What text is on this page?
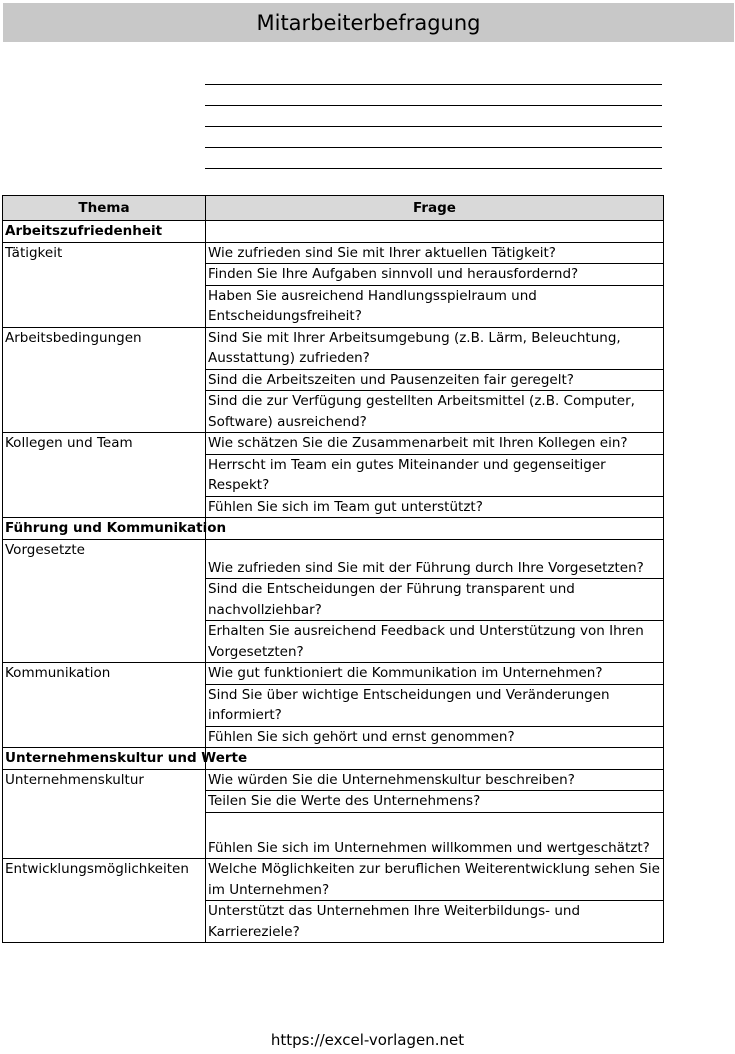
Mitarbeiterbefragung
Thema	Frage
Arbeitszufriedenheit	
Tätigkeit	Wie zufrieden sind Sie mit Ihrer aktuellen Tätigkeit?
	Finden Sie Ihre Aufgaben sinnvoll und herausfordernd?
	Haben Sie ausreichend Handlungsspielraum und Entscheidungsfreiheit?
Arbeitsbedingungen	Sind Sie mit Ihrer Arbeitsumgebung (z.B. Lärm, Beleuchtung, Ausstattung) zufrieden?
	Sind die Arbeitszeiten und Pausenzeiten fair geregelt?
	Sind die zur Verfügung gestellten Arbeitsmittel (z.B. Computer, Software) ausreichend?
Kollegen und Team	Wie schätzen Sie die Zusammenarbeit mit Ihren Kollegen ein?
	Herrscht im Team ein gutes Miteinander und gegenseitiger Respekt?
	Fühlen Sie sich im Team gut unterstützt?
Führung und Kommunikation	
Vorgesetzte	Wie zufrieden sind Sie mit der Führung durch Ihre Vorgesetzten?
	Sind die Entscheidungen der Führung transparent und nachvollziehbar?
	Erhalten Sie ausreichend Feedback und Unterstützung von Ihren Vorgesetzten?
Kommunikation	Wie gut funktioniert die Kommunikation im Unternehmen?
	Sind Sie über wichtige Entscheidungen und Veränderungen informiert?
	Fühlen Sie sich gehört und ernst genommen?
Unternehmenskultur und Werte	
Unternehmenskultur	Wie würden Sie die Unternehmenskultur beschreiben?
	Teilen Sie die Werte des Unternehmens?
	Fühlen Sie sich im Unternehmen willkommen und wertgeschätzt?
Entwicklungsmöglichkeiten	Welche Möglichkeiten zur beruflichen Weiterentwicklung sehen Sie im Unternehmen?
	Unterstützt das Unternehmen Ihre Weiterbildungs- und Karriereziele?
https://excel-vorlagen.net
